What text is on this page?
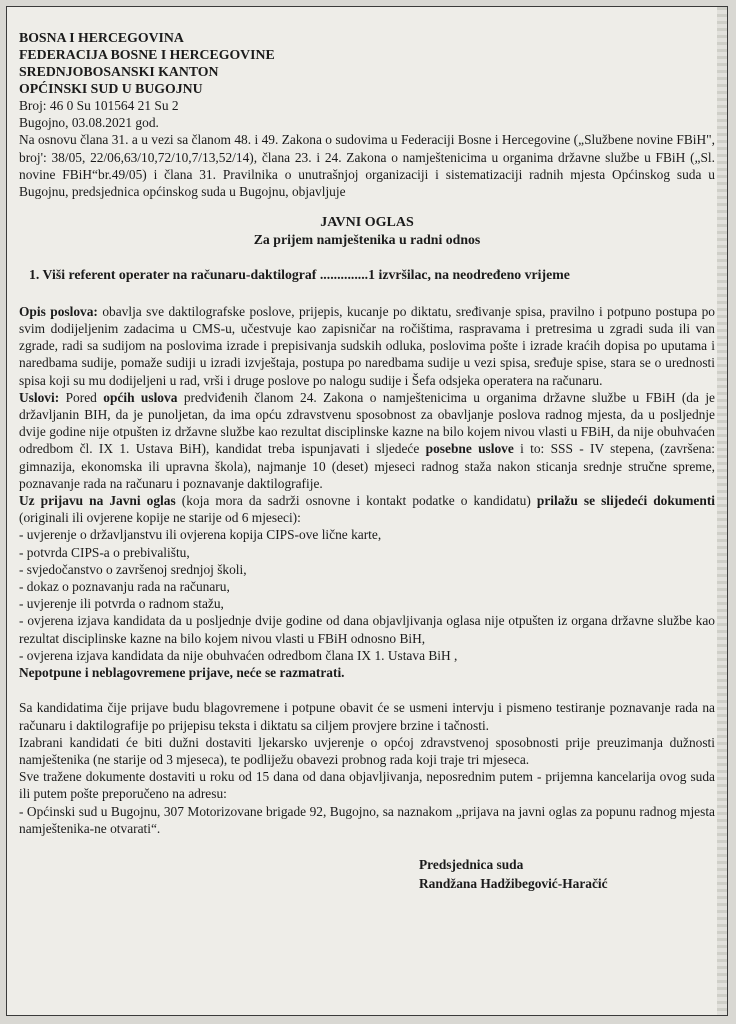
BOSNA I HERCEGOVINA
FEDERACIJA BOSNE I HERCEGOVINE
SREDNJOBOSANSKI KANTON
OPĆINSKI SUD U BUGOJNU
Broj: 46 0 Su 101564 21 Su 2
Bugojno, 03.08.2021 god.
Na osnovu člana 31. a u vezi sa članom 48. i 49. Zakona o sudovima u Federaciji Bosne i Hercegovine („Službene novine FBiH", broj': 38/05, 22/06,63/10,72/10,7/13,52/14), člana 23. i 24. Zakona o namještenicima u organima državne službe u FBiH („Sl. novine FBiH“br.49/05) i člana 31. Pravilnika o unutrašnjoj organizaciji i sistematizaciji radnih mjesta Općinskog suda u Bugojnu, predsjednica općinskog suda u Bugojnu, objavljuje
JAVNI OGLAS
Za prijem namještenika u radni odnos
1. Viši referent operater na računaru-daktilograf ..............1 izvršilac, na neodređeno vrijeme

Opis poslova: obavlja sve daktilografske poslove, prijepis, kucanje po diktatu, sređivanje spisa, pravilno i potpuno postupa po svim dodijeljenim zadacima u CMS-u, učestvuje kao zapisničar na ročištima, raspravama i pretresima u zgradi suda ili van zgrade, radi sa sudijom na poslovima izrade i prepisivanja sudskih odluka, poslovima pošte i izrade kraćih dopisa po uputama i naredbama sudije, pomaže sudiji u izradi izvještaja, postupa po naredbama sudije u vezi spisa, sređuje spise, stara se o urednosti spisa koji su mu dodijeljeni u rad, vrši i druge poslove po nalogu sudije i Šefa odsjeka operatera na računaru.

Uslovi: Pored općih uslova predviđenih članom 24. Zakona o namještenicima u organima državne službe u FBiH (da je državljanin BIH, da je punoljetan, da ima opću zdravstvenu sposobnost za obavljanje poslova radnog mjesta, da u posljednje dvije godine nije otpušten iz državne službe kao rezultat disciplinske kazne na bilo kojem nivou vlasti u FBiH, da nije obuhvaćen odredbom čl. IX 1. Ustava BiH), kandidat treba ispunjavati i sljedeće posebne uslove i to: SSS - IV stepena, (završena: gimnazija, ekonomska ili upravna škola), najmanje 10 (deset) mjeseci radnog staža nakon sticanja srednje stručne spreme, poznavanje rada na računaru i poznavanje daktilografije.

Uz prijavu na Javni oglas (koja mora da sadrži osnovne i kontakt podatke o kandidatu) prilažu se slijedeći dokumenti (originali ili ovjerene kopije ne starije od 6 mjeseci):

- uvjerenje o državljanstvu ili ovjerena kopija CIPS-ove lične karte,
- potvrda CIPS-a o prebivalištu,
- svjedočanstvo o završenoj srednjoj školi,
- dokaz o poznavanju rada na računaru,
- uvjerenje ili potvrda o radnom stažu,
- ovjerena izjava kandidata da u posljednje dvije godine od dana objavljivanja oglasa nije otpušten iz organa državne službe kao rezultat disciplinske kazne na bilo kojem nivou vlasti u FBiH odnosno BiH,
- ovjerena izjava kandidata da nije obuhvaćen odredbom člana IX 1. Ustava BiH ,

Nepotpune i neblagovremene prijave, neće se razmatrati.

Sa kandidatima čije prijave budu blagovremene i potpune obavit će se usmeni intervju i pismeno testiranje poznavanje rada na računaru i daktilografije po prijepisu teksta i diktatu sa ciljem provjere brzine i tačnosti.

Izabrani kandidati će biti dužni dostaviti ljekarsko uvjerenje o općoj zdravstvenoj sposobnosti prije preuzimanja dužnosti namještenika (ne starije od 3 mjeseca), te podliježu obavezi probnog rada koji traje tri mjeseca.

Sve tražene dokumente dostaviti u roku od 15 dana od dana objavljivanja, neposrednim putem - prijemna kancelarija ovog suda ili putem pošte preporučeno na adresu:

- Općinski sud u Bugojnu, 307 Motorizovane brigade 92, Bugojno, sa naznakom „prijava na javni oglas za popunu radnog mjesta namještenika-ne otvarati“.

Predsjednica suda
Randžana Hadžibegović-Haračić
